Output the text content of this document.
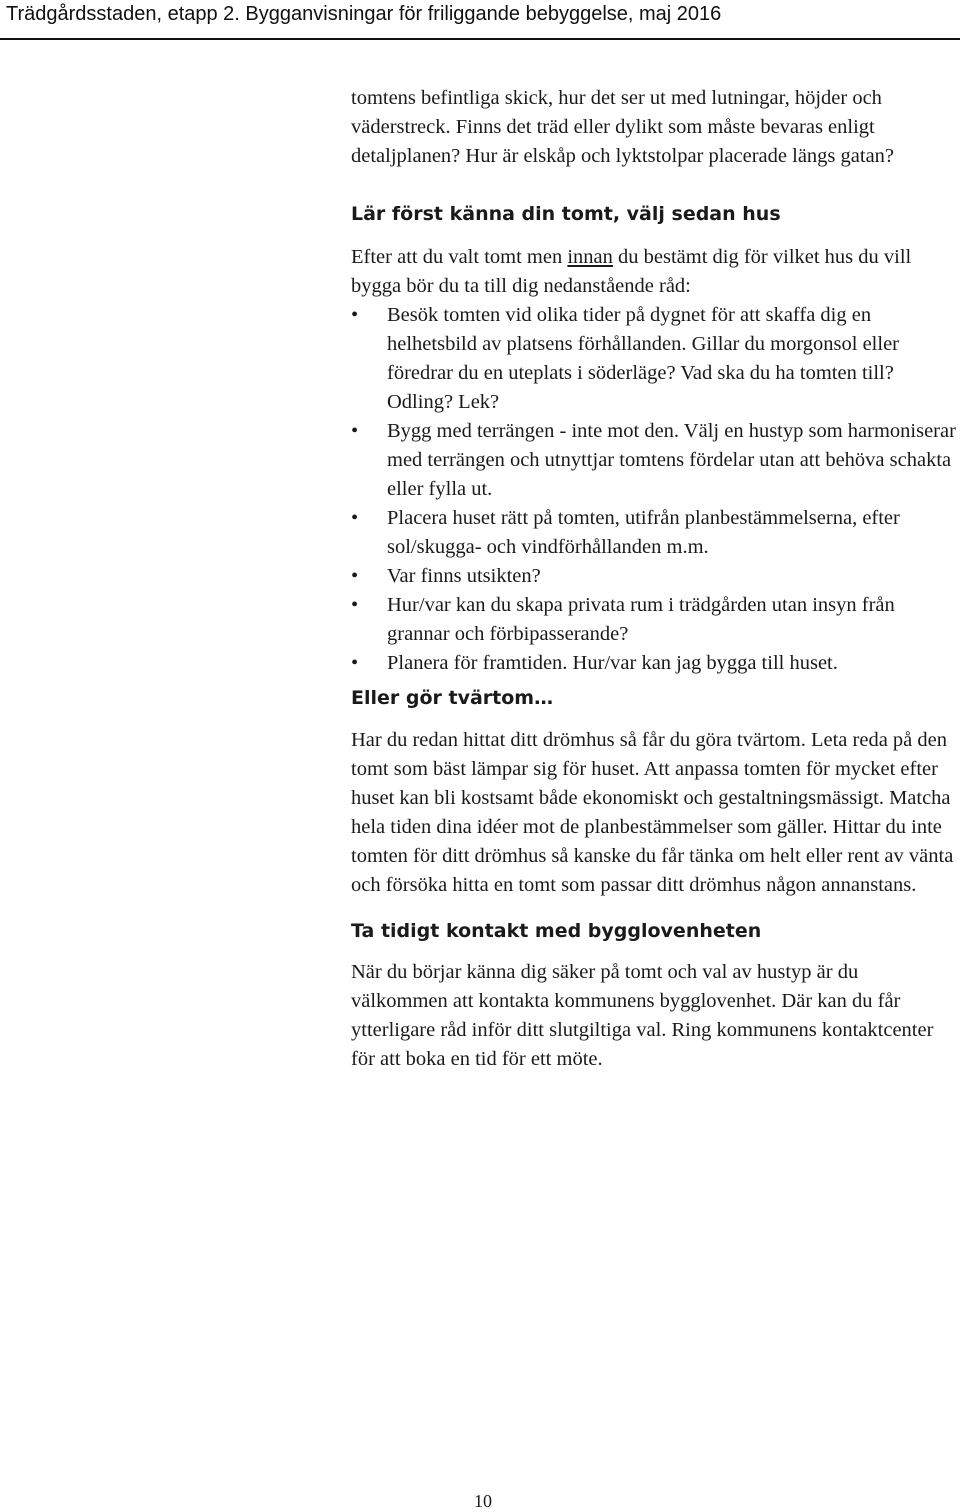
Trädgårdsstaden, etapp 2. Bygganvisningar för friliggande bebyggelse, maj 2016

tomtens befintliga skick, hur det ser ut med lutningar, höjder och väderstreck. Finns det träd eller dylikt som måste bevaras enligt detaljplanen? Hur är elskåp och lyktstolpar placerade längs gatan?

Lär först känna din tomt, välj sedan hus

Efter att du valt tomt men innan du bestämt dig för vilket hus du vill bygga bör du ta till dig nedanstående råd:

• Besök tomten vid olika tider på dygnet för att skaffa dig en helhetsbild av platsens förhållanden. Gillar du morgonsol eller föredrar du en uteplats i söderläge? Vad ska du ha tomten till? Odling? Lek?
• Bygg med terrängen - inte mot den. Välj en hustyp som harmoniserar med terrängen och utnyttjar tomtens fördelar utan att behöva schakta eller fylla ut.
• Placera huset rätt på tomten, utifrån planbestämmelserna, efter sol/skugga- och vindförhållanden m.m.
• Var finns utsikten?
• Hur/var kan du skapa privata rum i trädgården utan insyn från grannar och förbipasserande?
• Planera för framtiden. Hur/var kan jag bygga till huset.
Eller gör tvärtom…

Har du redan hittat ditt drömhus så får du göra tvärtom. Leta reda på den tomt som bäst lämpar sig för huset. Att anpassa tomten för mycket efter huset kan bli kostsamt både ekonomiskt och gestaltningsmässigt. Matcha hela tiden dina idéer mot de planbestämmelser som gäller. Hittar du inte tomten för ditt drömhus så kanske du får tänka om helt eller rent av vänta och försöka hitta en tomt som passar ditt drömhus någon annanstans.

Ta tidigt kontakt med bygglovenheten

När du börjar känna dig säker på tomt och val av hustyp är du välkommen att kontakta kommunens bygglovenhet. Där kan du får ytterligare råd inför ditt slutgiltiga val. Ring kommunens kontaktcenter för att boka en tid för ett möte.

10
